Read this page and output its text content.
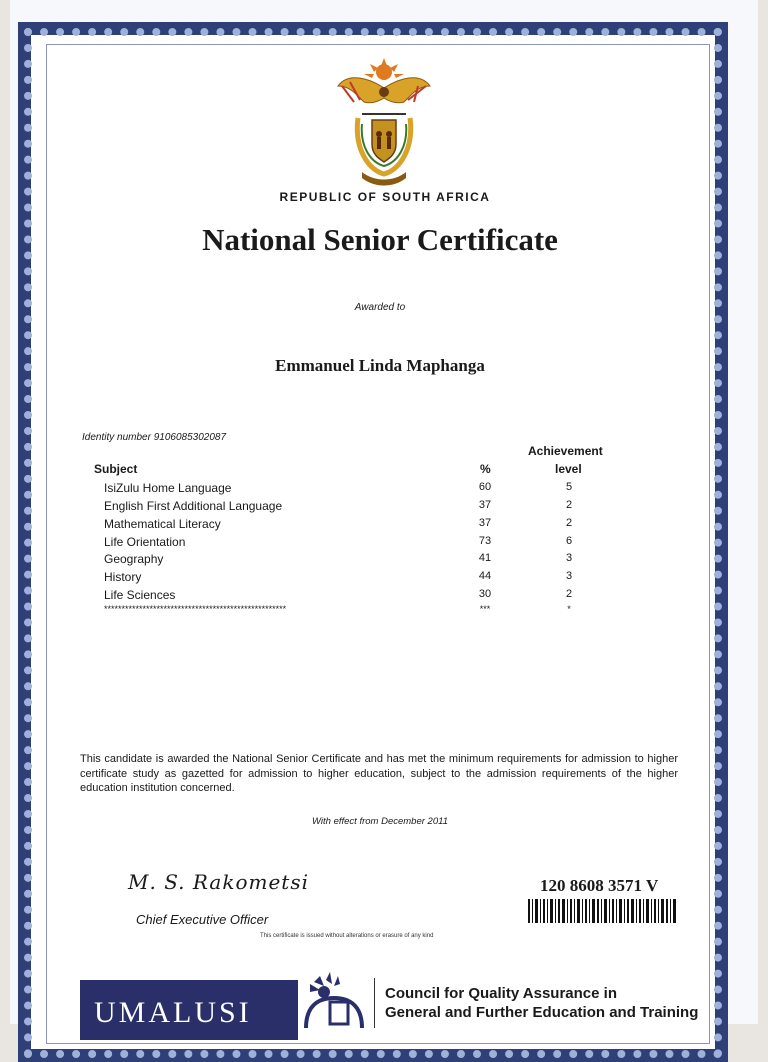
REPUBLIC OF SOUTH AFRICA
National Senior Certificate
Awarded to
Emmanuel Linda Maphanga
Identity number 9106085302087
Achievement
Subject	%	level
IsiZulu Home Language	60	5
English First Additional Language	37	2
Mathematical Literacy	37	2
Life Orientation	73	6
Geography	41	3
History	44	3
Life Sciences	30	2
****************************************************	***	*
This candidate is awarded the National Senior Certificate and has met the minimum requirements for admission to higher certificate study as gazetted for admission to higher education, subject to the admission requirements of the higher education institution concerned.
With effect from December 2011
M. S. Rakometsi
Chief Executive Officer
This certificate is issued without alterations or erasure of any kind
120 8608 3571 V
UMALUSI
Council for Quality Assurance in
General and Further Education and Training
